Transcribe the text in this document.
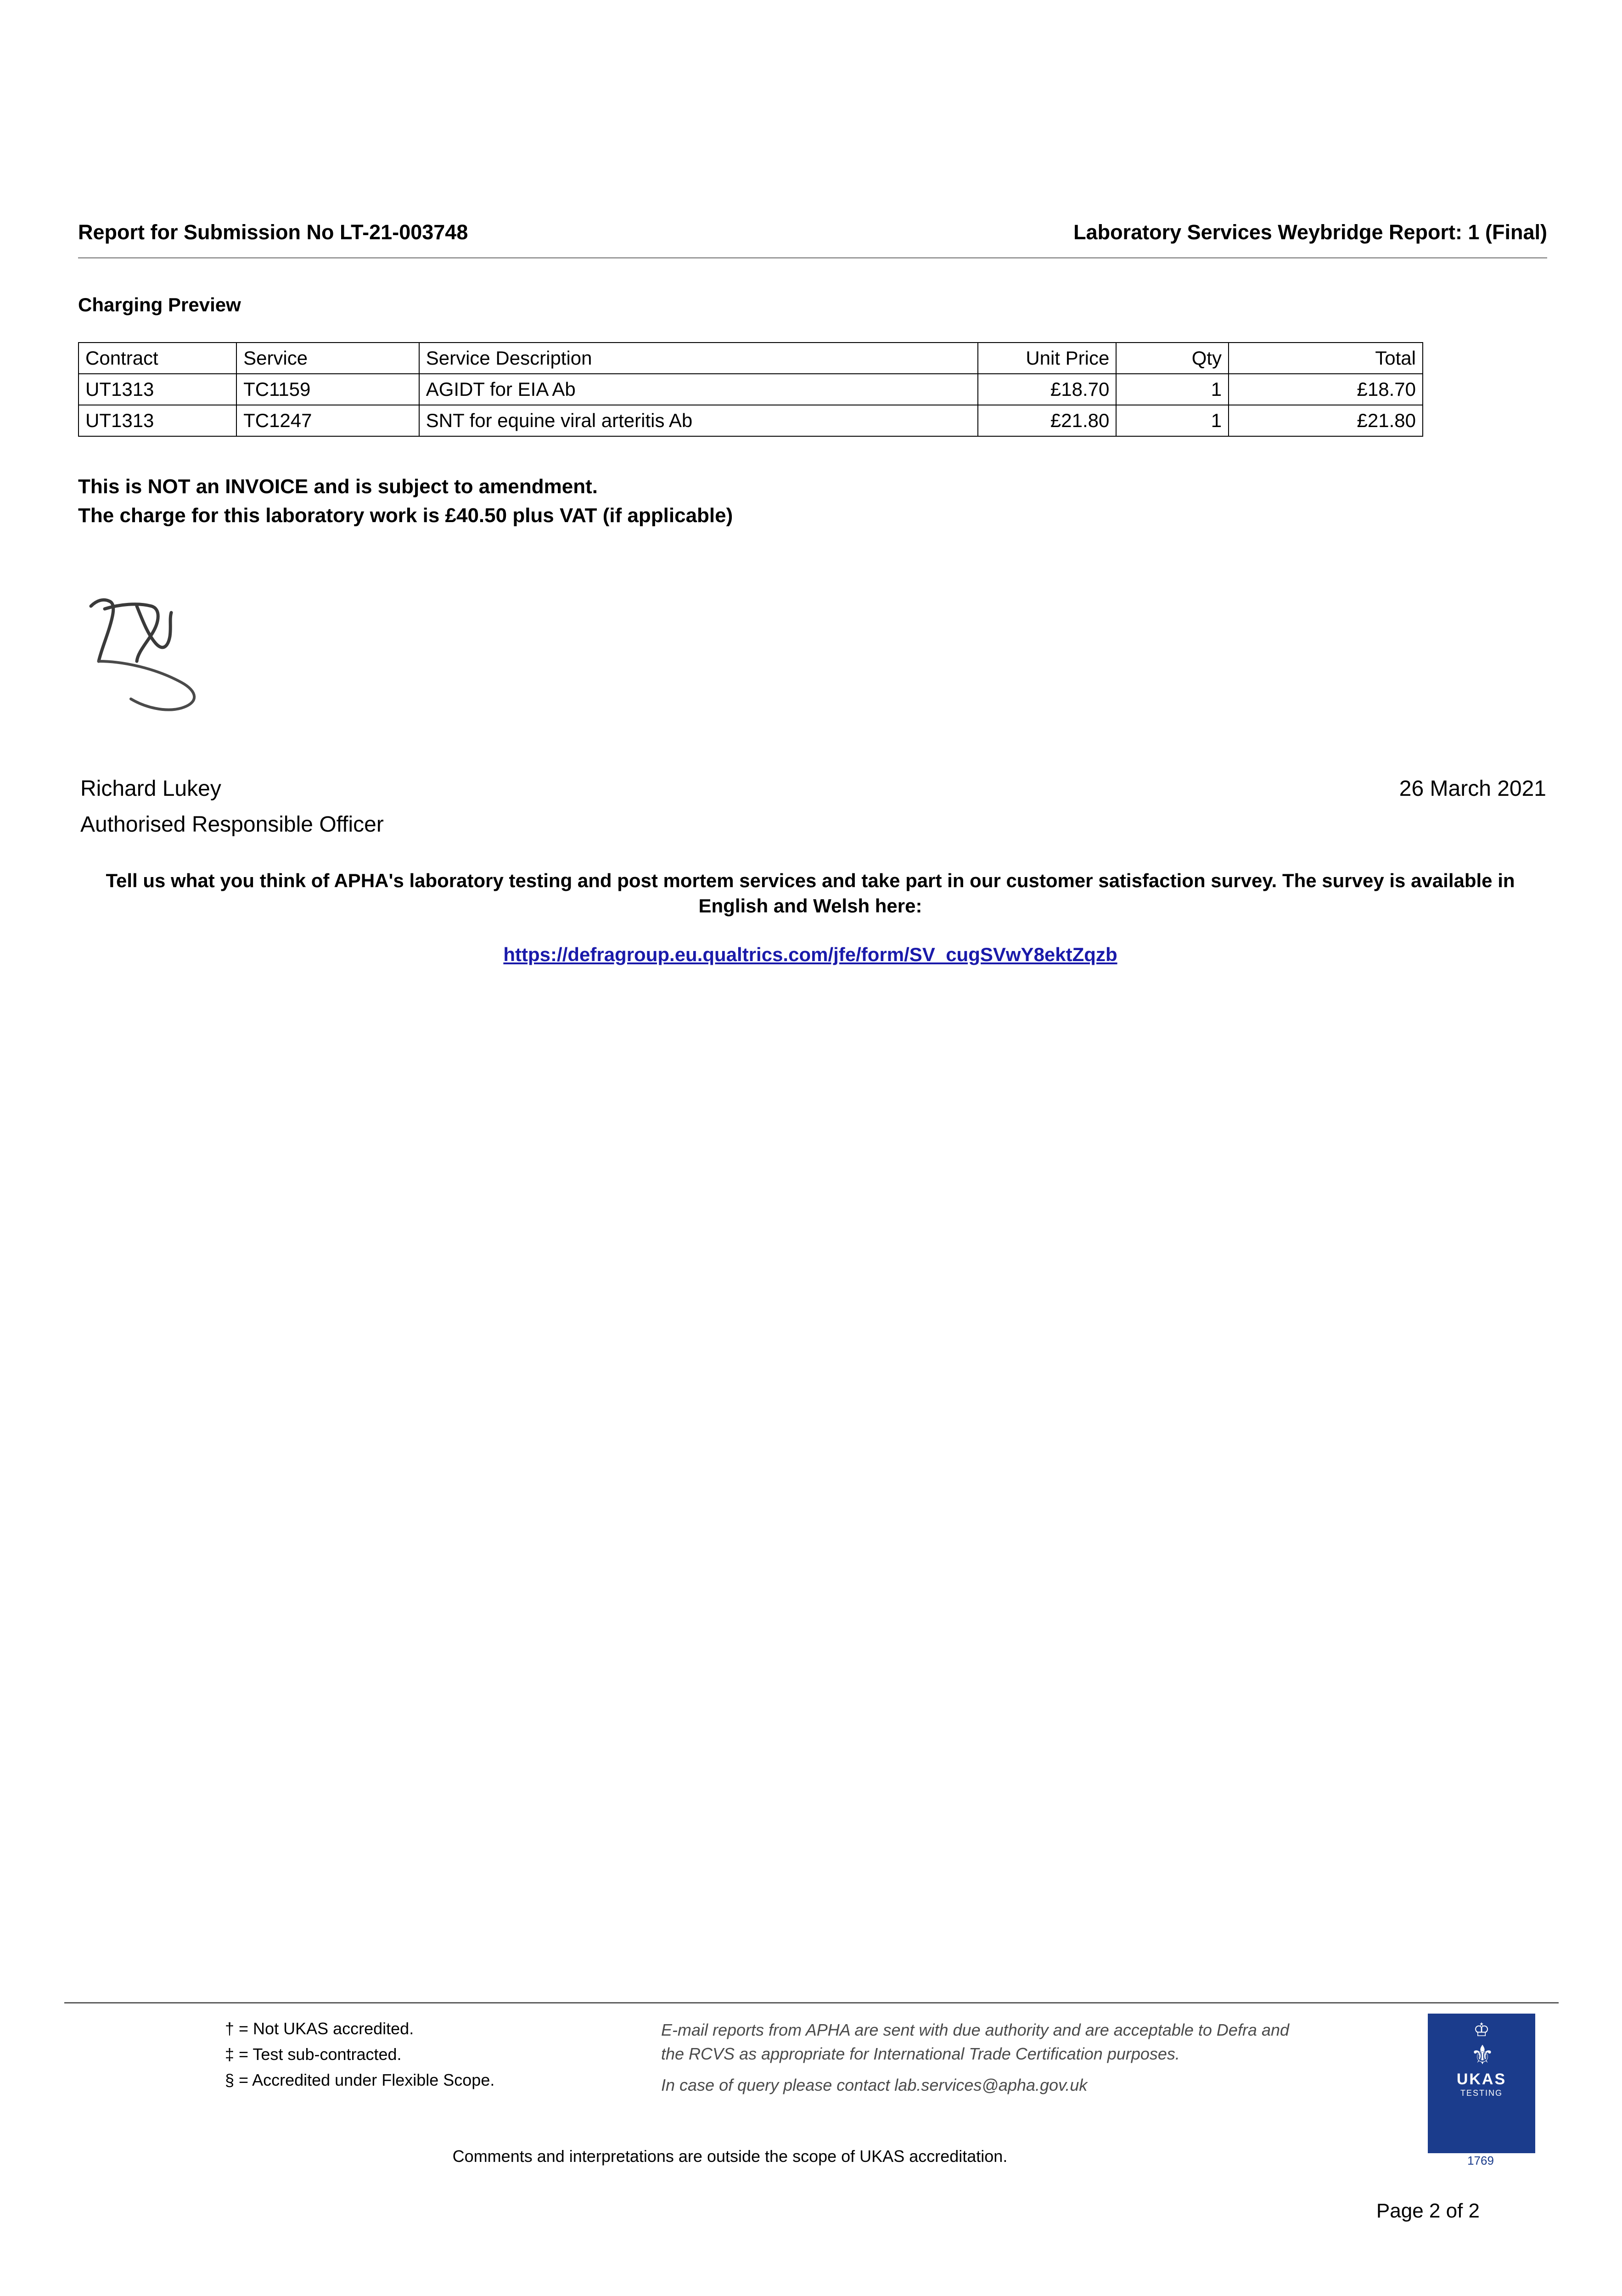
Report for Submission No LT-21-003748	Laboratory Services Weybridge Report: 1 (Final)
Charging Preview
Contract	Service	Service Description	Unit Price	Qty	Total
UT1313	TC1159	AGIDT for EIA Ab	£18.70	1	£18.70
UT1313	TC1247	SNT for equine viral arteritis Ab	£21.80	1	£21.80
This is NOT an INVOICE and is subject to amendment.
The charge for this laboratory work is £40.50 plus VAT (if applicable)
Richard Lukey
Authorised Responsible Officer
26 March 2021
Tell us what you think of APHA's laboratory testing and post mortem services and take part in our customer satisfaction survey. The survey is available in English and Welsh here:
https://defragroup.eu.qualtrics.com/jfe/form/SV_cugSVwY8ektZqzb
† = Not UKAS accredited.
‡ = Test sub-contracted.
§ = Accredited under Flexible Scope.
E-mail reports from APHA are sent with due authority and are acceptable to Defra and the RCVS as appropriate for International Trade Certification purposes.
In case of query please contact lab.services@apha.gov.uk
Comments and interpretations are outside the scope of UKAS accreditation.
Page 2 of 2
♔
⚜
UKAS
TESTING
1769
